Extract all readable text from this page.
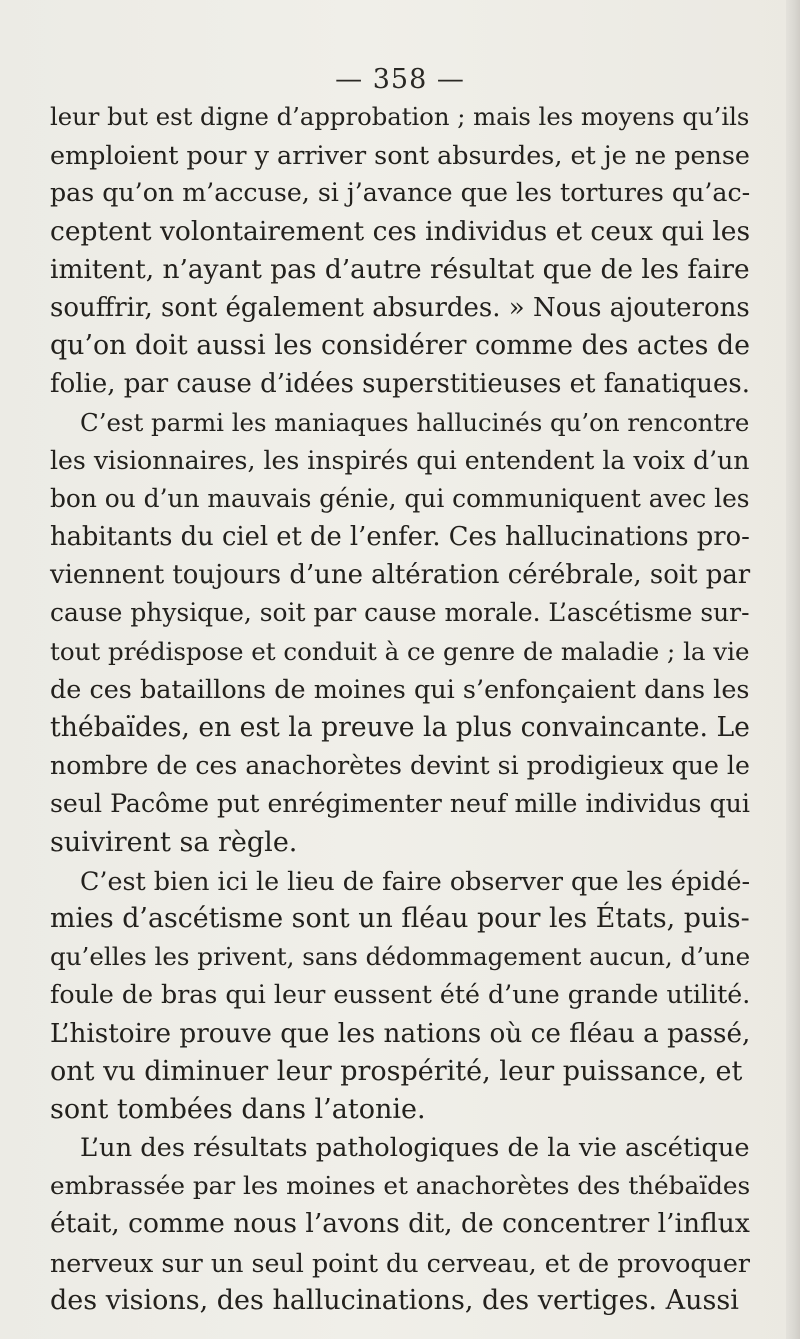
— 358 —
leur but est digne d’approbation ; mais les moyens qu’ils
emploient pour y arriver sont absurdes, et je ne pense
pas qu’on m’accuse, si j’avance que les tortures qu’ac-
ceptent volontairement ces individus et ceux qui les
imitent, n’ayant pas d’autre résultat que de les faire
souffrir, sont également absurdes. » Nous ajouterons
qu’on doit aussi les considérer comme des actes de
folie, par cause d’idées superstitieuses et fanatiques.
C’est parmi les maniaques hallucinés qu’on rencontre
les visionnaires, les inspirés qui entendent la voix d’un
bon ou d’un mauvais génie, qui communiquent avec les
habitants du ciel et de l’enfer. Ces hallucinations pro-
viennent toujours d’une altération cérébrale, soit par
cause physique, soit par cause morale. L’ascétisme sur-
tout prédispose et conduit à ce genre de maladie ; la vie
de ces bataillons de moines qui s’enfonçaient dans les
thébaïdes, en est la preuve la plus convaincante. Le
nombre de ces anachorètes devint si prodigieux que le
seul Pacôme put enrégimenter neuf mille individus qui
suivirent sa règle.
C’est bien ici le lieu de faire observer que les épidé-
mies d’ascétisme sont un fléau pour les États, puis-
qu’elles les privent, sans dédommagement aucun, d’une
foule de bras qui leur eussent été d’une grande utilité.
L’histoire prouve que les nations où ce fléau a passé,
ont vu diminuer leur prospérité, leur puissance, et
sont tombées dans l’atonie.
L’un des résultats pathologiques de la vie ascétique
embrassée par les moines et anachorètes des thébaïdes
était, comme nous l’avons dit, de concentrer l’influx
nerveux sur un seul point du cerveau, et de provoquer
des visions, des hallucinations, des vertiges. Aussi
